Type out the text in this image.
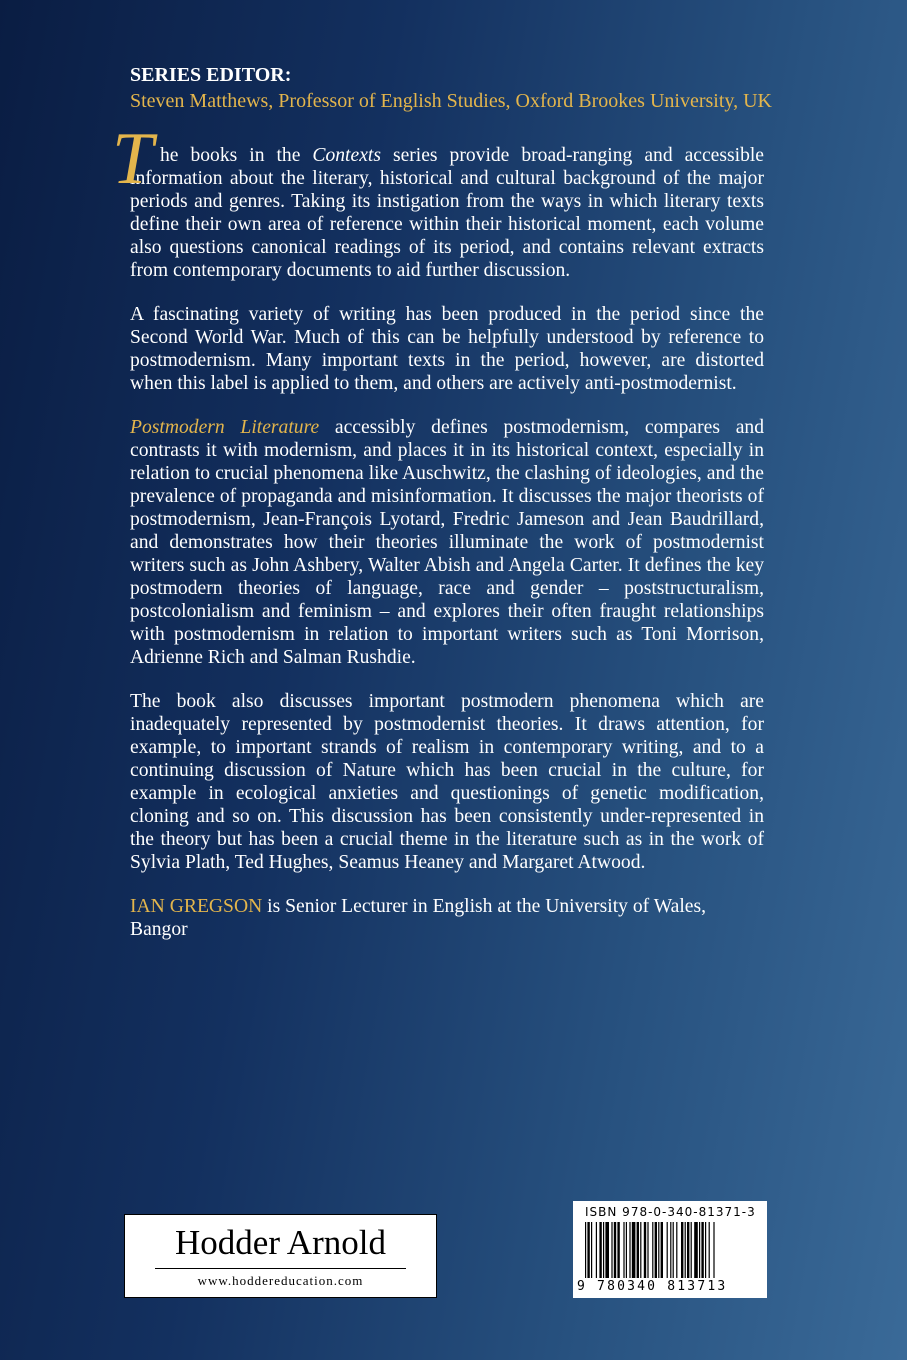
SERIES EDITOR:

Steven Matthews, Professor of English Studies, Oxford Brookes University, UK

T he books in the Contexts series provide broad-ranging and accessible information about the literary, historical and cultural background of the major periods and genres. Taking its instigation from the ways in which literary texts define their own area of reference within their historical moment, each volume also questions canonical readings of its period, and contains relevant extracts from contemporary documents to aid further discussion.

A fascinating variety of writing has been produced in the period since the Second World War. Much of this can be helpfully understood by reference to postmodernism. Many important texts in the period, however, are distorted when this label is applied to them, and others are actively anti-postmodernist.

Postmodern Literature accessibly defines postmodernism, compares and contrasts it with modernism, and places it in its historical context, especially in relation to crucial phenomena like Auschwitz, the clashing of ideologies, and the prevalence of propaganda and misinformation. It discusses the major theorists of postmodernism, Jean-François Lyotard, Fredric Jameson and Jean Baudrillard, and demonstrates how their theories illuminate the work of postmodernist writers such as John Ashbery, Walter Abish and Angela Carter. It defines the key postmodern theories of language, race and gender – poststructuralism, postcolonialism and feminism – and explores their often fraught relationships with postmodernism in relation to important writers such as Toni Morrison, Adrienne Rich and Salman Rushdie.

The book also discusses important postmodern phenomena which are inadequately represented by postmodernist theories. It draws attention, for example, to important strands of realism in contemporary writing, and to a continuing discussion of Nature which has been crucial in the culture, for example in ecological anxieties and questionings of genetic modification, cloning and so on. This discussion has been consistently under-represented in the theory but has been a crucial theme in the literature such as in the work of Sylvia Plath, Ted Hughes, Seamus Heaney and Margaret Atwood.

IAN GREGSON is Senior Lecturer in English at the University of Wales, Bangor

Hodder Arnold
www.hoddereducation.com
ISBN 978-0-340-81371-3
9 780340 813713
